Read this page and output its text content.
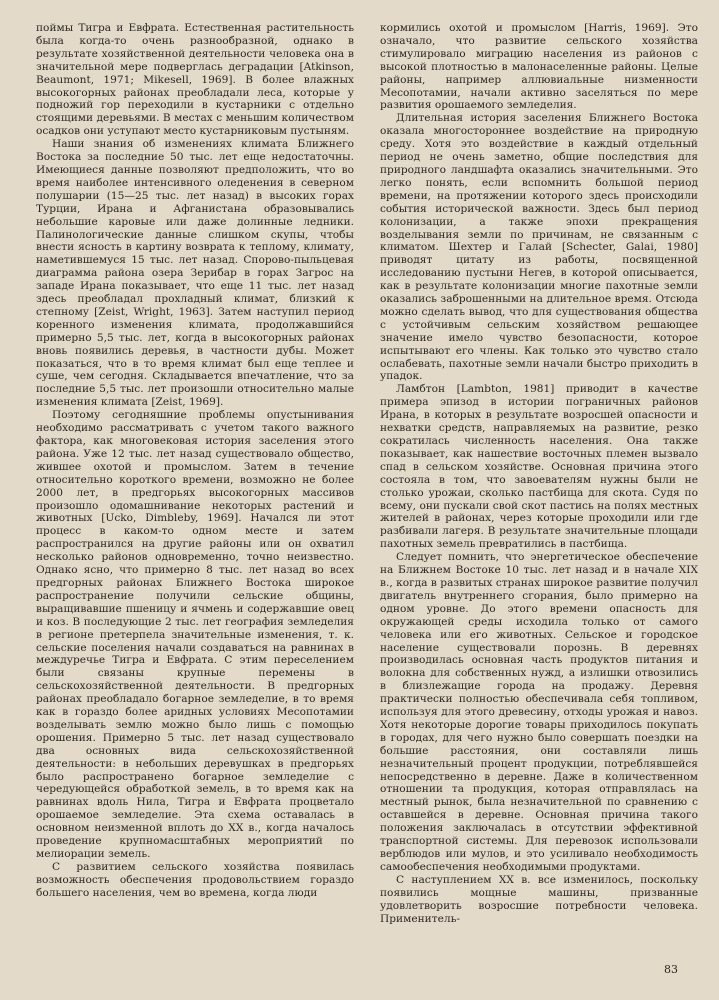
поймы Тигра и Евфрата. Естественная растительность была когда-то очень разнообразной, однако в результате хозяйственной деятельности человека она в значительной мере подверглась деградации [Atkinson, Beaumont, 1971; Mikesell, 1969]. В более влажных высокогорных районах преобладали леса, которые у подножий гор переходили в кустарники с отдельно стоящими деревьями. В местах с меньшим количеством осадков они уступают место кустарниковым пустыням.

Наши знания об изменениях климата Ближнего Востока за последние 50 тыс. лет еще недостаточны. Имеющиеся данные позволяют предположить, что во время наиболее интенсивного оледенения в северном полушарии (15—25 тыс. лет назад) в высоких горах Турции, Ирана и Афганистана образовывались небольшие каровые или даже долинные ледники. Палинологические данные слишком скупы, чтобы внести ясность в картину возврата к теплому, климату, наметившемуся 15 тыс. лет назад. Спорово-пыльцевая диаграмма района озера Зерибар в горах Загрос на западе Ирана показывает, что еще 11 тыс. лет назад здесь преобладал прохладный климат, близкий к степному [Zeist, Wright, 1963]. Затем наступил период коренного изменения климата, продолжавшийся примерно 5,5 тыс. лет, когда в высокогорных районах вновь появились деревья, в частности дубы. Может показаться, что в то время климат был еще теплее и суше, чем сегодня. Складывается впечатление, что за последние 5,5 тыс. лет произошли относительно малые изменения климата [Zeist, 1969].

Поэтому сегодняшние проблемы опустынивания необходимо рассматривать с учетом такого важного фактора, как многовековая история заселения этого района. Уже 12 тыс. лет назад существовало общество, жившее охотой и промыслом. Затем в течение относительно короткого времени, возможно не более 2000 лет, в предгорьях высокогорных массивов произошло одомашнивание некоторых растений и животных [Ucko, Dimbleby, 1969]. Начался ли этот процесс в каком-то одном месте и затем распространился на другие районы или он охватил несколько районов одновременно, точно неизвестно. Однако ясно, что примерно 8 тыс. лет назад во всех предгорных районах Ближнего Востока широкое распространение получили сельские общины, выращивавшие пшеницу и ячмень и содержавшие овец и коз. В последующие 2 тыс. лет география земледелия в регионе претерпела значительные изменения, т. к. сельские поселения начали создаваться на равнинах в междуречье Тигра и Евфрата. С этим переселением были связаны крупные перемены в сельскохозяйственной деятельности. В предгорных районах преобладало богарное земледелие, в то время как в гораздо более аридных условиях Месопотамии возделывать землю можно было лишь с помощью орошения. Примерно 5 тыс. лет назад существовало два основных вида сельскохозяйственной деятельности: в небольших деревушках в предгорьях было распространено богарное земледелие с чередующейся обработкой земель, в то время как на равнинах вдоль Нила, Тигра и Евфрата процветало орошаемое земледелие. Эта схема оставалась в основном неизменной вплоть до XX в., когда началось проведение крупномасштабных мероприятий по мелиорации земель.

С развитием сельского хозяйства появилась возможность обеспечения продовольствием гораздо большего населения, чем во времена, когда люди

кормились охотой и промыслом [Harris, 1969]. Это означало, что развитие сельского хозяйства стимулировало миграцию населения из районов с высокой плотностью в малонаселенные районы. Целые районы, например аллювиальные низменности Месопотамии, начали активно заселяться по мере развития орошаемого земледелия.

Длительная история заселения Ближнего Востока оказала многостороннее воздействие на природную среду. Хотя это воздействие в каждый отдельный период не очень заметно, общие последствия для природного ландшафта оказались значительными. Это легко понять, если вспомнить большой период времени, на протяжении которого здесь происходили события исторической важности. Здесь был период колонизации, а также эпохи прекращения возделывания земли по причинам, не связанным с климатом. Шехтер и Галай [Schecter, Galai, 1980] приводят цитату из работы, посвященной исследованию пустыни Негев, в которой описывается, как в результате колонизации многие пахотные земли оказались заброшенными на длительное время. Отсюда можно сделать вывод, что для существования общества с устойчивым сельским хозяйством решающее значение имело чувство безопасности, которое испытывают его члены. Как только это чувство стало ослабевать, пахотные земли начали быстро приходить в упадок.

Ламбтон [Lambton, 1981] приводит в качестве примера эпизод в истории пограничных районов Ирана, в которых в результате возросшей опасности и нехватки средств, направляемых на развитие, резко сократилась численность населения. Она также показывает, как нашествие восточных племен вызвало спад в сельском хозяйстве. Основная причина этого состояла в том, что завоевателям нужны были не столько урожаи, сколько пастбища для скота. Судя по всему, они пускали свой скот пастись на полях местных жителей в районах, через которые проходили или где разбивали лагеря. В результате значительные площади пахотных земель превратились в пастбища.

Следует помнить, что энергетическое обеспечение на Ближнем Востоке 10 тыс. лет назад и в начале XIX в., когда в развитых странах широкое развитие получил двигатель внутреннего сгорания, было примерно на одном уровне. До этого времени опасность для окружающей среды исходила только от самого человека или его животных. Сельское и городское население существовали порознь. В деревнях производилась основная часть продуктов питания и волокна для собственных нужд, а излишки отвозились в близлежащие города на продажу. Деревня практически полностью обеспечивала себя топливом, используя для этого древесину, отходы урожая и навоз. Хотя некоторые дорогие товары приходилось покупать в городах, для чего нужно было совершать поездки на большие расстояния, они составляли лишь незначительный процент продукции, потреблявшейся непосредственно в деревне. Даже в количественном отношении та продукция, которая отправлялась на местный рынок, была незначительной по сравнению с оставшейся в деревне. Основная причина такого положения заключалась в отсутствии эффективной транспортной системы. Для перевозок использовали верблюдов или мулов, и это усиливало необходимость самообеспечения необходимыми продуктами.

С наступлением XX в. все изменилось, поскольку появились мощные машины, призванные удовлетворить возросшие потребности человека. Применитель-

83
